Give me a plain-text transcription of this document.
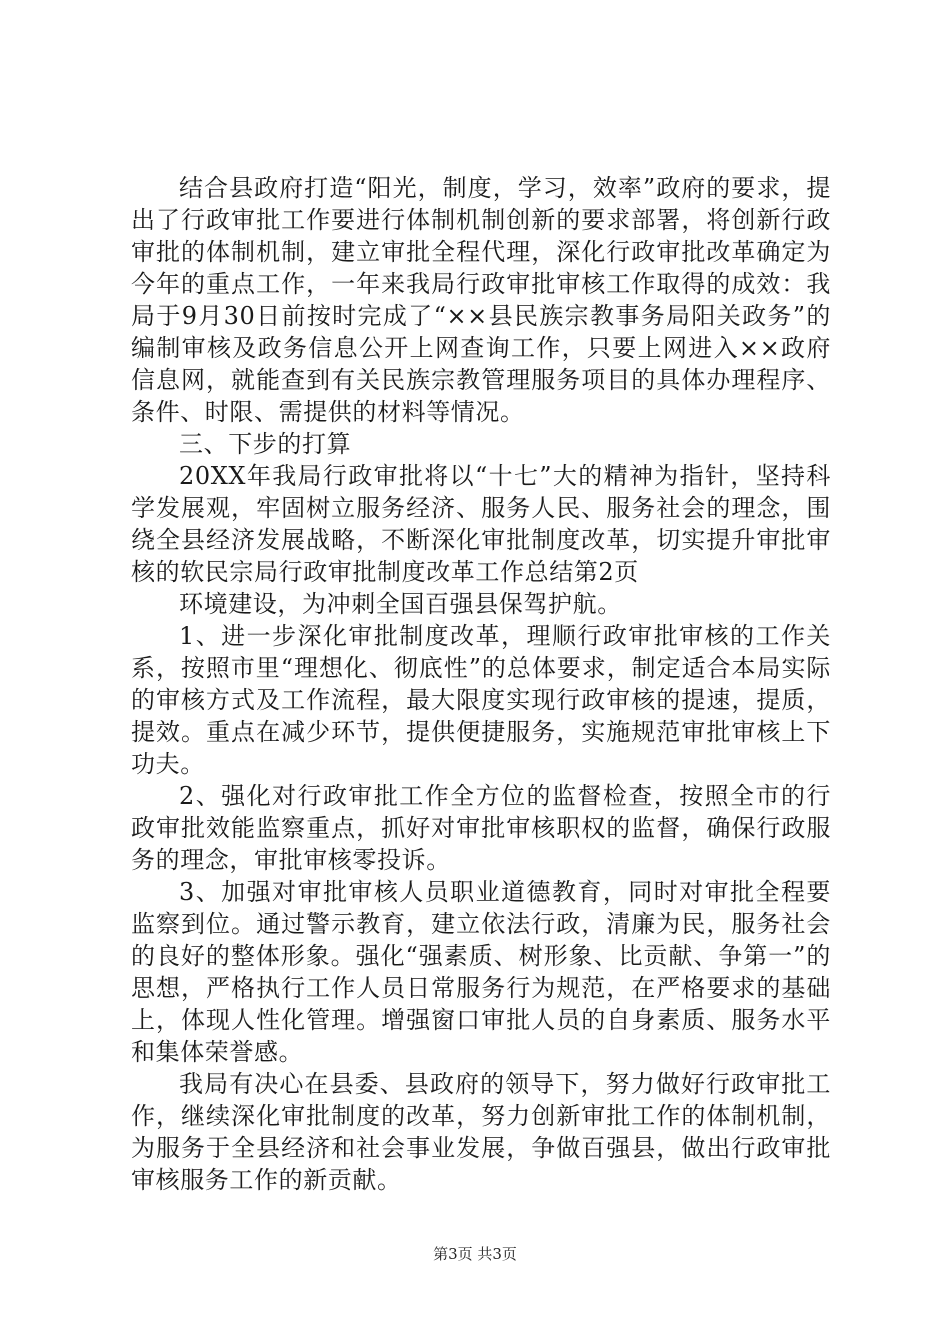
结合县政府打造“阳光，制度，学习，效率”政府的要求，提出了行政审批工作要进行体制机制创新的要求部署，将创新行政审批的体制机制，建立审批全程代理，深化行政审批改革确定为今年的重点工作，一年来我局行政审批审核工作取得的成效：我局于9月30日前按时完成了“××县民族宗教事务局阳关政务”的编制审核及政务信息公开上网查询工作，只要上网进入××政府信息网，就能查到有关民族宗教管理服务项目的具体办理程序、条件、时限、需提供的材料等情况。

三、下步的打算

20XX年我局行政审批将以“十七”大的精神为指针，坚持科学发展观，牢固树立服务经济、服务人民、服务社会的理念，围绕全县经济发展战略，不断深化审批制度改革，切实提升审批审核的软民宗局行政审批制度改革工作总结第2页

环境建设，为冲刺全国百强县保驾护航。

1、进一步深化审批制度改革，理顺行政审批审核的工作关系，按照市里“理想化、彻底性”的总体要求，制定适合本局实际的审核方式及工作流程，最大限度实现行政审核的提速，提质，提效。重点在减少环节，提供便捷服务，实施规范审批审核上下功夫。

2、强化对行政审批工作全方位的监督检查，按照全市的行政审批效能监察重点，抓好对审批审核职权的监督，确保行政服务的理念，审批审核零投诉。

3、加强对审批审核人员职业道德教育，同时对审批全程要监察到位。通过警示教育，建立依法行政，清廉为民，服务社会的良好的整体形象。强化“强素质、树形象、比贡献、争第一”的思想，严格执行工作人员日常服务行为规范，在严格要求的基础上，体现人性化管理。增强窗口审批人员的自身素质、服务水平和集体荣誉感。

我局有决心在县委、县政府的领导下，努力做好行政审批工作，继续深化审批制度的改革，努力创新审批工作的体制机制，为服务于全县经济和社会事业发展，争做百强县，做出行政审批审核服务工作的新贡献。

第3页 共3页
